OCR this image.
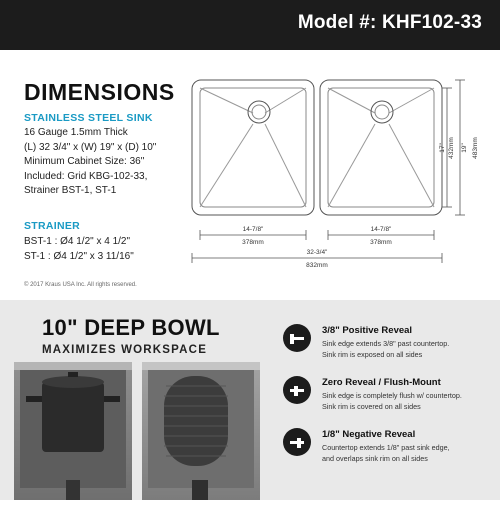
Model #: KHF102-33
DIMENSIONS
STAINLESS STEEL SINK
16 Gauge 1.5mm Thick
(L) 32 3/4" x (W) 19" x (D) 10"
Minimum Cabinet Size: 36"
Included: Grid KBG-102-33,
Strainer BST-1, ST-1
STRAINER
BST-1 : Ø4 1/2" x 4 1/2"
ST-1 : Ø4 1/2" x 3 11/16"
© 2017 Kraus USA Inc. All rights reserved.
14-7/8"
378mm
14-7/8"
378mm
32-3/4"
832mm
17" 432mm 19" 483mm
10" DEEP BOWL
MAXIMIZES WORKSPACE
3/8" Positive Reveal
Sink edge extends 3/8" past countertop.
Sink rim is exposed on all sides
Zero Reveal / Flush-Mount
Sink edge is completely flush w/ countertop.
Sink rim is covered on all sides
1/8" Negative Reveal
Countertop extends 1/8" past sink edge,
and overlaps sink rim on all sides
